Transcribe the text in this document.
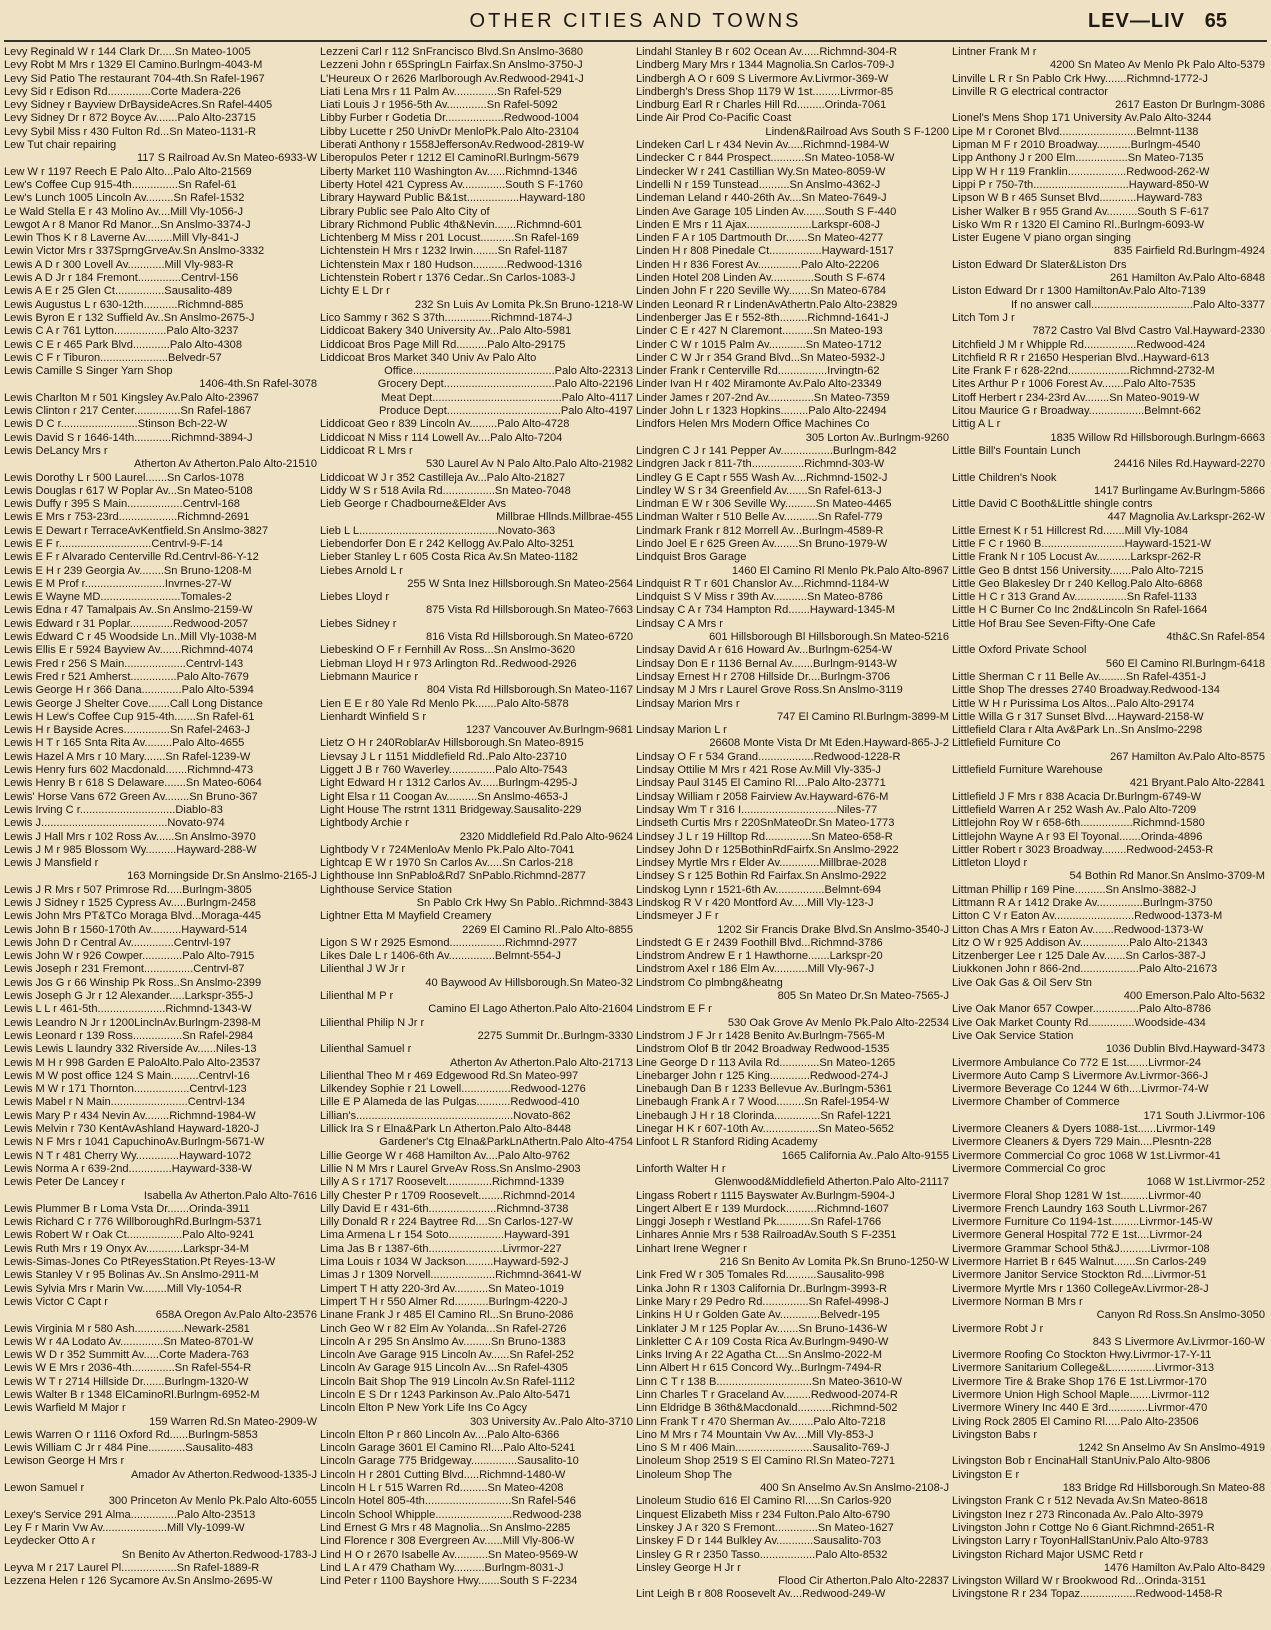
OTHER CITIES AND TOWNS	LEV—LIV 65
Levy Reginald W r 144 Clark Dr.....Sn Mateo-1005
Levy Robt M Mrs r 1329 El Camino.Burlngm-4043-M
Levy Sid Patio The restaurant 704-4th.Sn Rafel-1967
Levy Sid r Edison Rd..............Corte Madera-226
Levy Sidney r Bayview DrBaysideAcres.Sn Rafel-4405
Levy Sidney Dr r 872 Boyce Av.......Palo Alto-23715
Levy Sybil Miss r 430 Fulton Rd...Sn Mateo-1131-R
Lew Tut chair repairing
117 S Railroad Av.Sn Mateo-6933-W
Lew W r 1197 Reech E Palo Alto...Palo Alto-21569
Lew's Coffee Cup 915-4th...............Sn Rafel-61
Lew's Lunch 1005 Lincoln Av.........Sn Rafel-1532
Le Wald Stella E r 43 Molino Av....Mill Vly-1056-J
Lewgot A r 8 Manor Rd Manor...Sn Anslmo-3374-J
Lewin Thos K r 8 Laverne Av.........Mill Vly-841-J
Lewin Victor Mrs r 337SprngGrveAv.Sn Anslmo-3332
Lewis A D r 300 Lovell Av............Mill Vly-983-R
Lewis A D Jr r 184 Fremont..............Centrvl-156
Lewis A E r 25 Glen Ct................Sausalito-489
Lewis Augustus L r 630-12th...........Richmnd-885
Lewis Byron E r 132 Suffield Av..Sn Anslmo-2675-J
Lewis C A r 761 Lytton.................Palo Alto-3237
Lewis C E r 465 Park Blvd............Palo Alto-4308
Lewis C F r Tiburon......................Belvedr-57
Lewis Camille S Singer Yarn Shop
1406-4th.Sn Rafel-3078
Lewis Charlton M r 501 Kingsley Av.Palo Alto-23967
Lewis Clinton r 217 Center...............Sn Rafel-1867
Lewis D C r.........................Stinson Bch-22-W
Lewis David S r 1646-14th............Richmnd-3894-J
Lewis DeLancy Mrs r
Atherton Av Atherton.Palo Alto-21510
Lewis Dorothy L r 500 Laurel.......Sn Carlos-1078
Lewis Douglas r 617 W Poplar Av...Sn Mateo-5108
Lewis Duffy r 395 S Main..................Centrvl-168
Lewis E Mrs r 753-23rd...................Richmnd-2691
Lewis E Dewart r TerraceAvKentfield.Sn Anslmo-3827
Lewis E F r..............................Centrvl-9-F-14
Lewis E F r Alvarado Centerville Rd.Centrvl-86-Y-12
Lewis E H r 239 Georgia Av........Sn Bruno-1208-M
Lewis E M Prof r..........................Invrnes-27-W
Lewis E Wayne MD..........................Tomales-2
Lewis Edna r 47 Tamalpais Av..Sn Anslmo-2159-W
Lewis Edward r 31 Poplar..............Redwood-2057
Lewis Edward C r 45 Woodside Ln..Mill Vly-1038-M
Lewis Ellis E r 5924 Bayview Av.......Richmnd-4074
Lewis Fred r 256 S Main....................Centrvl-143
Lewis Fred r 521 Amherst...............Palo Alto-7679
Lewis George H r 366 Dana.............Palo Alto-5394
Lewis George J Shelter Cove.......Call Long Distance
Lewis H Lew's Coffee Cup 915-4th.......Sn Rafel-61
Lewis H r Bayside Acres...............Sn Rafel-2463-J
Lewis H T r 165 Snta Rita Av.........Palo Alto-4655
Lewis Hazel A Mrs r 10 Mary.......Sn Rafel-1239-W
Lewis Henry furs 602 Macdonald.......Richmnd-473
Lewis Henry B r 618 S Delaware.......Sn Mateo-6064
Lewis' Horse Vans 672 Green Av........Sn Bruno-367
Lewis Irving C r...............................Diablo-83
Lewis J.........................................Novato-974
Lewis J Hall Mrs r 102 Ross Av......Sn Anslmo-3970
Lewis J M r 985 Blossom Wy..........Hayward-288-W
Lewis J Mansfield r
163 Morningside Dr.Sn Anslmo-2165-J
Lewis J R Mrs r 507 Primrose Rd.....Burlngm-3805
Lewis J Sidney r 1525 Cypress Av.....Burlngm-2458
Lewis John Mrs PT&TCo Moraga Blvd...Moraga-445
Lewis John B r 1560-170th Av..........Hayward-514
Lewis John D r Central Av..............Centrvl-197
Lewis John W r 926 Cowper.............Palo Alto-7915
Lewis Joseph r 231 Fremont................Centrvl-87
Lewis Jos G r 66 Winship Pk Ross..Sn Anslmo-2399
Lewis Joseph G Jr r 12 Alexander.....Larkspr-355-J
Lewis L L r 461-5th......................Richmnd-1343-W
Lewis Leandro N Jr r 1200LinclnAv.Burlngm-2398-M
Lewis Leonard r 139 Ross................Sn Rafel-2984
Lewis Lewis L laundry 332 Riverside Av......Niles-13
Lewis M H r 998 Garden E PaloAlto.Palo Alto-23537
Lewis M W post office 124 S Main.........Centrvl-16
Lewis M W r 171 Thornton..................Centrvl-123
Lewis Mabel r N Main.........................Centrvl-134
Lewis Mary P r 434 Nevin Av........Richmnd-1984-W
Lewis Melvin r 730 KentAvAshland Hayward-1820-J
Lewis N F Mrs r 1041 CapuchinoAv.Burlngm-5671-W
Lewis N T r 481 Cherry Wy..............Hayward-1072
Lewis Norma A r 639-2nd..............Hayward-338-W
Lewis Peter De Lancey r
Isabella Av Atherton.Palo Alto-7616
Lewis Plummer B r Loma Vsta Dr.......Orinda-3911
Lewis Richard C r 776 WillboroughRd.Burlngm-5371
Lewis Robert W r Oak Ct..................Palo Alto-9241
Lewis Ruth Mrs r 19 Onyx Av............Larkspr-34-M
Lewis-Simas-Jones Co PtReyesStation.Pt Reyes-13-W
Lewis Stanley V r 95 Bolinas Av..Sn Anslmo-2911-M
Lewis Sylvia Mrs r Marin Vw........Mill Vly-1054-R
Lewis Victor C Capt r
658A Oregon Av.Palo Alto-23576
Lewis Virginia M r 580 Ash................Newark-2581
Lewis W r 4A Lodato Av..............Sn Mateo-8701-W
Lewis W D r 352 Summitt Av.....Corte Madera-763
Lewis W E Mrs r 2036-4th..............Sn Rafel-554-R
Lewis W T r 2714 Hillside Dr.......Burlngm-1320-W
Lewis Walter B r 1348 ElCaminoRl.Burlngm-6952-M
Lewis Warfield M Major r
159 Warren Rd.Sn Mateo-2909-W
Lewis Warren O r 1116 Oxford Rd......Burlngm-5853
Lewis William C Jr r 484 Pine............Sausalito-483
Lewison George H Mrs r
Amador Av Atherton.Redwood-1335-J
Lewon Samuel r
300 Princeton Av Menlo Pk.Palo Alto-6055
Lexey's Service 291 Alma...............Palo Alto-23513
Ley F r Marin Vw Av.....................Mill Vly-1099-W
Leydecker Otto A r
Sn Benito Av Atherton.Redwood-1783-J
Leyva M r 217 Laurel Pl..................Sn Rafel-1889-R
Lezzena Helen r 126 Sycamore Av.Sn Anslmo-2695-W
Lezzeni Carl r 112 SnFrancisco Blvd.Sn Anslmo-3680
Lezzeni John r 65SpringLn Fairfax.Sn Anslmo-3750-J
L'Heureux O r 2626 Marlborough Av.Redwood-2941-J
Liati Lena Mrs r 11 Palm Av..............Sn Rafel-529
Liati Louis J r 1956-5th Av.............Sn Rafel-5092
Libby Furber r Godetia Dr...................Redwood-1004
Libby Lucette r 250 UnivDr MenloPk.Palo Alto-23104
Liberati Anthony r 1558JeffersonAv.Redwood-2819-W
Liberopulos Peter r 1212 El CaminoRl.Burlngm-5679
Liberty Market 110 Washington Av......Richmnd-1346
Liberty Hotel 421 Cypress Av..............South S F-1760
Library Hayward Public B&1st.................Hayward-180
Library Public see Palo Alto City of
Library Richmond Public 4th&Nevin.......Richmnd-601
Lichtenberg M Miss r 201 Locust...........Sn Rafel-169
Lichtenstein H Mrs r 1232 Irwin........Sn Rafel-1187
Lichtenstein Max r 180 Hudson...........Redwood-1316
Lichtenstein Robert r 1376 Cedar..Sn Carlos-1083-J
Lichty E L Dr r
232 Sn Luis Av Lomita Pk.Sn Bruno-1218-W
Lico Sammy r 362 S 37th...............Richmnd-1874-J
Liddicoat Bakery 340 University Av...Palo Alto-5981
Liddicoat Bros Page Mill Rd..........Palo Alto-29175
Liddicoat Bros Market 340 Univ Av Palo Alto
Office..............................................Palo Alto-22313
Grocery Dept....................................Palo Alto-22196
Meat Dept..........................................Palo Alto-4117
Produce Dept.....................................Palo Alto-4197
Liddicoat Geo r 839 Lincoln Av.........Palo Alto-4728
Liddicoat N Miss r 114 Lowell Av....Palo Alto-7204
Liddicoat R L Mrs r
530 Laurel Av N Palo Alto.Palo Alto-21982
Liddicoat W J r 352 Castilleja Av...Palo Alto-21827
Liddy W S r 518 Avila Rd.................Sn Mateo-7048
Lieb George r Chadbourne&Elder Avs
Millbrae Hllnds.Millbrae-455
Lieb L L.............................................Novato-363
Liebendorfer Don E r 242 Kellogg Av.Palo Alto-3251
Lieber Stanley L r 605 Costa Rica Av.Sn Mateo-1182
Liebes Arnold L r
255 W Snta Inez Hillsborough.Sn Mateo-2564
Liebes Lloyd r
875 Vista Rd Hillsborough.Sn Mateo-7663
Liebes Sidney r
816 Vista Rd Hillsborough.Sn Mateo-6720
Liebeskind O F r Fernhill Av Ross...Sn Anslmo-3620
Liebman Lloyd H r 973 Arlington Rd..Redwood-2926
Liebmann Maurice r
804 Vista Rd Hillsborough.Sn Mateo-1167
Lien E E r 80 Yale Rd Menlo Pk.......Palo Alto-5878
Lienhardt Winfield S r
1237 Vancouver Av.Burlngm-9681
Lietz O H r 240RoblarAv Hillsborough.Sn Mateo-8915
Lievsay J L r 1151 Middlefield Rd..Palo Alto-23710
Liggett J B r 760 Waverley...............Palo Alto-7543
Light Edward H r 1312 Carlos Av......Burlngm-4295-J
Light Elsa r 11 Coogan Av..........Sn Anslmo-4653-J
Light House The rstrnt 1311 Bridgeway.Sausalito-229
Lightbody Archie r
2320 Middlefield Rd.Palo Alto-9624
Lightbody V r 724MenloAv Menlo Pk.Palo Alto-7041
Lightcap E W r 1970 Sn Carlos Av.....Sn Carlos-218
Lighthouse Inn SnPablo&Rd7 SnPablo.Richmnd-2877
Lighthouse Service Station
Sn Pablo Crk Hwy Sn Pablo..Richmnd-3843
Lightner Etta M Mayfield Creamery
2269 El Camino Rl..Palo Alto-8855
Ligon S W r 2925 Esmond..................Richmnd-2977
Likes Dale L r 1406-6th Av...............Belmnt-554-J
Lilienthal J W Jr r
40 Baywood Av Hillsborough.Sn Mateo-32
Lilienthal M P r
Camino El Lago Atherton.Palo Alto-21604
Lilienthal Philip N Jr r
2275 Summit Dr..Burlngm-3330
Lilienthal Samuel r
Atherton Av Atherton.Palo Alto-21713
Lilienthal Theo M r 469 Edgewood Rd.Sn Mateo-997
Lilkendey Sophie r 21 Lowell................Redwood-1276
Lille E P Alameda de las Pulgas...........Redwood-410
Lillian's...................................................Novato-862
Lillick Ira S r Elna&Park Ln Atherton.Palo Alto-8448
Gardener's Ctg Elna&ParkLnAthertn.Palo Alto-4754
Lillie George W r 468 Hamilton Av....Palo Alto-9762
Lillie N M Mrs r Laurel GrveAv Ross.Sn Anslmo-2903
Lilly A S r 1717 Roosevelt...............Richmnd-1339
Lilly Chester P r 1709 Roosevelt........Richmnd-2014
Lilly David E r 431-6th......................Richmnd-3738
Lilly Donald R r 224 Baytree Rd....Sn Carlos-127-W
Lima Armena L r 154 Soto..................Hayward-391
Lima Jas B r 1387-6th........................Livrmor-227
Lima Louis r 1034 W Jackson.........Hayward-592-J
Limas J r 1309 Norvell.....................Richmnd-3641-W
Limpert T H atty 220-3rd Av...........Sn Mateo-1019
Limpert T H r 550 Almer Rd...........Burlngm-4220-J
Linane Frank J r 485 El Camino Rl...Sn Bruno-2086
Linch Geo W r 82 Elm Av Yolanda...Sn Rafel-2726
Lincoln A r 295 Sn Anslmo Av.........Sn Bruno-1383
Lincoln Ave Garage 915 Lincoln Av......Sn Rafel-252
Lincoln Av Garage 915 Lincoln Av....Sn Rafel-4305
Lincoln Bait Shop The 919 Lincoln Av.Sn Rafel-1112
Lincoln E S Dr r 1243 Parkinson Av..Palo Alto-5471
Lincoln Elton P New York Life Ins Co Agcy
303 University Av..Palo Alto-3710
Lincoln Elton P r 860 Lincoln Av....Palo Alto-6366
Lincoln Garage 3601 El Camino Rl....Palo Alto-5241
Lincoln Garage 775 Bridgeway...............Sausalito-10
Lincoln H r 2801 Cutting Blvd.....Richmnd-1480-W
Lincoln H L r 515 Warren Rd.........Sn Mateo-4208
Lincoln Hotel 805-4th............................Sn Rafel-546
Lincoln School Whipple.........................Redwood-238
Lind Ernest G Mrs r 48 Magnolia...Sn Anslmo-2285
Lind Florence r 308 Evergreen Av......Mill Vly-806-W
Lind H O r 2670 Isabelle Av...........Sn Mateo-9569-W
Lind L A r 479 Chatham Wy..........Burlngm-8031-J
Lind Peter r 1100 Bayshore Hwy.......South S F-2234
Lindahl Stanley B r 602 Ocean Av......Richmnd-304-R
Lindberg Mary Mrs r 1344 Magnolia.Sn Carlos-709-J
Lindbergh A O r 609 S Livermore Av.Livrmor-369-W
Lindbergh's Dress Shop 1179 W 1st.........Livrmor-85
Lindburg Earl R r Charles Hill Rd.........Orinda-7061
Linde Air Prod Co-Pacific Coast
Linden&Railroad Avs South S F-1200
Lindeken Carl L r 434 Nevin Av.....Richmnd-1984-W
Lindecker C r 844 Prospect...........Sn Mateo-1058-W
Lindecker W r 241 Castillian Wy.Sn Mateo-8059-W
Lindelli N r 159 Tunstead..........Sn Anslmo-4362-J
Lindeman Leland r 440-26th Av....Sn Mateo-7649-J
Linden Ave Garage 105 Linden Av.......South S F-440
Linden E Mrs r 11 Ajax.....................Larkspr-608-J
Linden F A r 105 Dartmouth Dr.......Sn Mateo-4277
Linden H r 808 Pinedale Ct.................Hayward-1517
Linden H r 836 Forest Av..............Palo Alto-22206
Linden Hotel 208 Linden Av..............South S F-674
Linden John F r 220 Seville Wy.......Sn Mateo-6784
Linden Leonard R r LindenAvAthertn.Palo Alto-23829
Lindenberger Jas E r 552-8th.........Richmnd-1641-J
Linder C E r 427 N Claremont..........Sn Mateo-193
Linder C W r 1015 Palm Av............Sn Mateo-1712
Linder C W Jr r 354 Grand Blvd...Sn Mateo-5932-J
Linder Frank r Centerville Rd................Irvingtn-62
Linder Ivan H r 402 Miramonte Av.Palo Alto-23349
Linder James r 207-2nd Av...............Sn Mateo-7359
Linder John L r 1323 Hopkins.........Palo Alto-22494
Lindfors Helen Mrs Modern Office Machines Co
305 Lorton Av..Burlngm-9260
Lindgren C J r 141 Pepper Av.................Burlngm-842
Lindgren Jack r 811-7th.................Richmnd-303-W
Lindley G E Capt r 555 Wash Av....Richmnd-1502-J
Lindley W S r 34 Greenfield Av.......Sn Rafel-613-J
Lindman E W r 306 Seville Wy..........Sn Mateo-4465
Lindman Walter r 510 Belle Av...........Sn Rafel-779
Lindmark Frank r 812 Morrell Av...Burlngm-4589-R
Lindo Joel E r 625 Green Av........Sn Bruno-1979-W
Lindquist Bros Garage
1460 El Camino Rl Menlo Pk.Palo Alto-8967
Lindquist R T r 601 Chanslor Av....Richmnd-1184-W
Lindquist S V Miss r 39th Av...........Sn Mateo-8786
Lindsay C A r 734 Hampton Rd.......Hayward-1345-M
Lindsay C A Mrs r
601 Hillsborough Bl Hillsborough.Sn Mateo-5216
Lindsay David A r 616 Howard Av...Burlngm-6254-W
Lindsay Don E r 1136 Bernal Av.......Burlngm-9143-W
Lindsay Ernest H r 2708 Hillside Dr....Burlngm-3706
Lindsay M J Mrs r Laurel Grove Ross.Sn Anslmo-3119
Lindsay Marion Mrs r
747 El Camino Rl.Burlngm-3899-M
Lindsay Marion L r
26608 Monte Vista Dr Mt Eden.Hayward-865-J-2
Lindsay O F r 534 Grand..................Redwood-1228-R
Lindsay Ottilie M Mrs r 421 Rose Av.Mill Vly-335-J
Lindsay Paul 3145 El Camino Rl....Palo Alto-23771
Lindsay William r 2058 Fairview Av.Hayward-676-M
Lindsay Wm T r 316 I...............................Niles-77
Lindseth Curtis Mrs r 220SnMateoDr.Sn Mateo-1773
Lindsey J L r 19 Hilltop Rd...............Sn Mateo-658-R
Lindsey John D r 125BothinRdFairfx.Sn Anslmo-2922
Lindsey Myrtle Mrs r Elder Av.............Millbrae-2028
Lindsey S r 125 Bothin Rd Fairfax.Sn Anslmo-2922
Lindskog Lynn r 1521-6th Av................Belmnt-694
Lindskog R V r 420 Montford Av.....Mill Vly-123-J
Lindsmeyer J F r
1202 Sir Francis Drake Blvd.Sn Anslmo-3540-J
Lindstedt G E r 2439 Foothill Blvd...Richmnd-3786
Lindstrom Andrew E r 1 Hawthorne.......Larkspr-20
Lindstrom Axel r 186 Elm Av...........Mill Vly-967-J
Lindstrom Co plmbng&heatng
805 Sn Mateo Dr.Sn Mateo-7565-J
Lindstrom E F r
530 Oak Grove Av Menlo Pk.Palo Alto-22534
Lindstrom J F Jr r 1428 Benito Av.Burlngm-7565-M
Lindstrom Olof B tlr 2042 Broadway Redwood-1535
Line George D r 113 Avila Rd.............Sn Mateo-1265
Linebarger John r 125 King.............Redwood-274-J
Linebaugh Dan B r 1233 Bellevue Av..Burlngm-5361
Linebaugh Frank A r 7 Wood.........Sn Rafel-1954-W
Linebaugh J H r 18 Clorinda...............Sn Rafel-1221
Linegar H K r 607-10th Av..................Sn Mateo-5652
Linfoot L R Stanford Riding Academy
1665 California Av..Palo Alto-9155
Linforth Walter H r
Glenwood&Middlefield Atherton.Palo Alto-21117
Lingass Robert r 1115 Bayswater Av.Burlngm-5904-J
Lingert Albert E r 139 Murdock..........Richmnd-1607
Linggi Joseph r Westland Pk...........Sn Rafel-1766
Linhares Annie Mrs r 538 RailroadAv.South S F-2351
Linhart Irene Wegner r
216 Sn Benito Av Lomita Pk.Sn Bruno-1250-W
Link Fred W r 305 Tomales Rd..........Sausalito-998
Linka John R r 1303 California Dr..Burlngm-3993-R
Linke Mary r 29 Pedro Rd...............Sn Rafel-4998-J
Linkins H U r Golden Gate Av.............Belvedr-195
Linklater J M r 125 Poplar Av.......Sn Bruno-1436-W
Linkletter C A r 109 Costa Rica Av.Burlngm-9490-W
Links Irving A r 22 Agatha Ct....Sn Anslmo-2022-M
Linn Albert H r 615 Concord Wy...Burlngm-7494-R
Linn C T r 138 B...............................Sn Mateo-3610-W
Linn Charles T r Graceland Av.........Redwood-2074-R
Linn Eldridge B 36th&Macdonald...........Richmnd-502
Linn Frank T r 470 Sherman Av........Palo Alto-7218
Lino M Mrs r 74 Mountain Vw Av....Mill Vly-853-J
Lino S M r 406 Main.........................Sausalito-769-J
Linoleum Shop 2519 S El Camino Rl.Sn Mateo-7271
Linoleum Shop The
400 Sn Anselmo Av.Sn Anslmo-2108-J
Linoleum Studio 616 El Camino Rl.....Sn Carlos-920
Linquest Elizabeth Miss r 234 Fulton.Palo Alto-6790
Linskey J A r 320 S Fremont..............Sn Mateo-1627
Linskey F D r 144 Bulkley Av............Sausalito-703
Linsley G R r 2350 Tasso..................Palo Alto-8532
Linsley George H Jr r
Flood Cir Atherton.Palo Alto-22837
Lint Leigh B r 808 Roosevelt Av....Redwood-249-W
Lintner Frank M r
4200 Sn Mateo Av Menlo Pk Palo Alto-5379
Linville L R r Sn Pablo Crk Hwy.......Richmnd-1772-J
Linville R G electrical contractor
2617 Easton Dr Burlngm-3086
Lionel's Mens Shop 171 University Av.Palo Alto-3244
Lipe M r Coronet Blvd.........................Belmnt-1138
Lipman M F r 2010 Broadway...........Burlngm-4540
Lipp Anthony J r 200 Elm.................Sn Mateo-7135
Lipp W H r 119 Franklin...................Redwood-262-W
Lippi P r 750-7th...............................Hayward-850-W
Lipson W B r 465 Sunset Blvd............Hayward-783
Lisher Walker B r 955 Grand Av..........South S F-617
Lisko Wm R r 1320 El Camino Rl..Burlngm-6093-W
Lister Eugene V piano organ singing
835 Fairfield Rd.Burlngm-4924
Liston Edward Dr Slater&Liston Drs
261 Hamilton Av.Palo Alto-6848
Liston Edward Dr r 1300 HamiltonAv.Palo Alto-7139
If no answer call.................................Palo Alto-3377
Litch Tom J r
7872 Castro Val Blvd Castro Val.Hayward-2330
Litchfield J M r Whipple Rd.................Redwood-424
Litchfield R R r 21650 Hesperian Blvd..Hayward-613
Lite Frank F r 628-22nd....................Richmnd-2732-M
Lites Arthur P r 1006 Forest Av.......Palo Alto-7535
Litoff Herbert r 234-23rd Av........Sn Mateo-9019-W
Litou Maurice G r Broadway..................Belmnt-662
Littig A L r
1835 Willow Rd Hillsborough.Burlngm-6663
Little Bill's Fountain Lunch
24416 Niles Rd.Hayward-2270
Little Children's Nook
1417 Burlingame Av.Burlngm-5866
Little David C Booth&Little shingle contrs
447 Magnolia Av.Larkspr-262-W
Little Ernest K r 51 Hillcrest Rd.......Mill Vly-1084
Little F C r 1960 B...........................Hayward-1521-W
Little Frank N r 105 Locust Av...........Larkspr-262-R
Little Geo B dntst 156 University.......Palo Alto-7215
Little Geo Blakesley Dr r 240 Kellog.Palo Alto-6868
Little H C r 313 Grand Av.................Sn Rafel-1133
Little H C Burner Co Inc 2nd&Lincoln Sn Rafel-1664
Little Hof Brau See Seven-Fifty-One Cafe
4th&C.Sn Rafel-854
Little Oxford Private School
560 El Camino Rl.Burlngm-6418
Little Sherman C r 11 Belle Av.........Sn Rafel-4351-J
Little Shop The dresses 2740 Broadway.Redwood-134
Little W H r Purissima Los Altos...Palo Alto-29174
Little Willa G r 317 Sunset Blvd....Hayward-2158-W
Littlefield Clara r Alta Av&Park Ln..Sn Anslmo-2298
Littlefield Furniture Co
267 Hamilton Av.Palo Alto-8575
Littlefield Furniture Warehouse
421 Bryant.Palo Alto-22841
Littlefield J F Mrs r 838 Acacia Dr.Burlngm-6749-W
Littlefield Warren A r 252 Wash Av..Palo Alto-7209
Littlejohn Roy W r 658-6th.................Richmnd-1580
Littlejohn Wayne A r 93 El Toyonal.......Orinda-4896
Littler Robert r 3023 Broadway........Redwood-2453-R
Littleton Lloyd r
54 Bothin Rd Manor.Sn Anslmo-3709-M
Littman Phillip r 169 Pine..........Sn Anslmo-3882-J
Littmann R A r 1412 Drake Av...............Burlngm-3750
Litton C V r Eaton Av..........................Redwood-1373-M
Litton Chas A Mrs r Eaton Av.......Redwood-1373-W
Litz O W r 925 Addison Av................Palo Alto-21343
Litzenberger Lee r 125 Dale Av.......Sn Carlos-387-J
Liukkonen John r 866-2nd...................Palo Alto-21673
Live Oak Gas & Oil Serv Stn
400 Emerson.Palo Alto-5632
Live Oak Manor 657 Cowper...............Palo Alto-8786
Live Oak Market County Rd...............Woodside-434
Live Oak Service Station
1036 Dublin Blvd.Hayward-3473
Livermore Ambulance Co 772 E 1st.......Livrmor-24
Livermore Auto Camp S Livermore Av.Livrmor-366-J
Livermore Beverage Co 1244 W 6th....Livrmor-74-W
Livermore Chamber of Commerce
171 South J.Livrmor-106
Livermore Cleaners & Dyers 1088-1st......Livrmor-149
Livermore Cleaners & Dyers 729 Main....Plesntn-228
Livermore Commercial Co groc 1068 W 1st.Livrmor-41
Livermore Commercial Co groc
1068 W 1st.Livrmor-252
Livermore Floral Shop 1281 W 1st.........Livrmor-40
Livermore French Laundry 163 South L.Livrmor-267
Livermore Furniture Co 1194-1st.........Livrmor-145-W
Livermore General Hospital 772 E 1st....Livrmor-24
Livermore Grammar School 5th&J..........Livrmor-108
Livermore Harriet B r 645 Walnut.......Sn Carlos-249
Livermore Janitor Service Stockton Rd....Livrmor-51
Livermore Myrtle Mrs r 1360 CollegeAv.Livrmor-28-J
Livermore Norman B Mrs r
Canyon Rd Ross.Sn Anslmo-3050
Livermore Robt J r
843 S Livermore Av.Livrmor-160-W
Livermore Roofing Co Stockton Hwy.Livrmor-17-Y-11
Livermore Sanitarium College&L..............Livrmor-313
Livermore Tire & Brake Shop 176 E 1st.Livrmor-170
Livermore Union High School Maple.......Livrmor-112
Livermore Winery Inc 440 E 3rd.............Livrmor-470
Living Rock 2805 El Camino Rl.....Palo Alto-23506
Livingston Babs r
1242 Sn Anselmo Av Sn Anslmo-4919
Livingston Bob r EncinaHall StanUniv.Palo Alto-9806
Livingston E r
183 Bridge Rd Hillsborough.Sn Mateo-88
Livingston Frank C r 512 Nevada Av.Sn Mateo-8618
Livingston Inez r 273 Rinconada Av..Palo Alto-3979
Livingston John r Cottge No 6 Giant.Richmnd-2651-R
Livingston Larry r ToyonHallStanUniv.Palo Alto-9783
Livingston Richard Major USMC Retd r
1476 Hamilton Av.Palo Alto-8429
Livingston Willard W r Brookwood Rd...Orinda-3151
Livingstone R r 234 Topaz..................Redwood-1458-R
